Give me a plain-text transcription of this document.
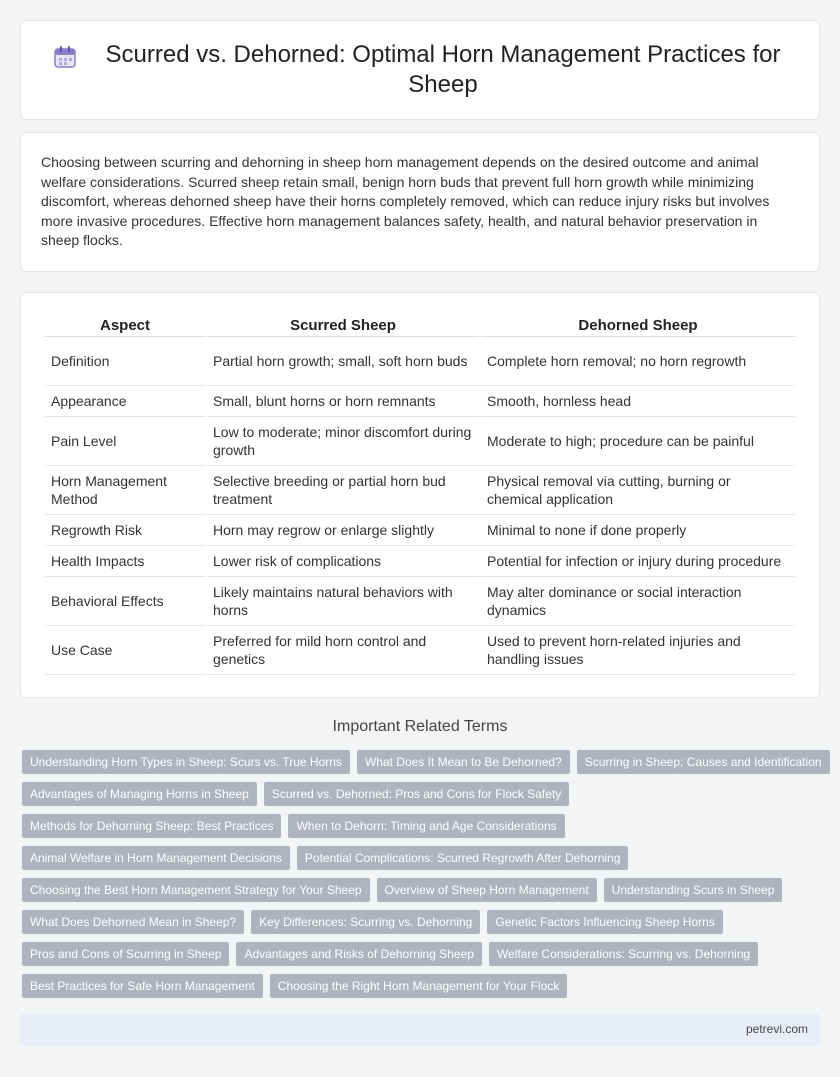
Scurred vs. Dehorned: Optimal Horn Management Practices for Sheep

Choosing between scurring and dehorning in sheep horn management depends on the desired outcome and animal welfare considerations. Scurred sheep retain small, benign horn buds that prevent full horn growth while minimizing discomfort, whereas dehorned sheep have their horns completely removed, which can reduce injury risks but involves more invasive procedures. Effective horn management balances safety, health, and natural behavior preservation in sheep flocks.

Aspect	Scurred Sheep	Dehorned Sheep
Definition	Partial horn growth; small, soft horn buds	Complete horn removal; no horn regrowth
Appearance	Small, blunt horns or horn remnants	Smooth, hornless head
Pain Level	Low to moderate; minor discomfort during growth	Moderate to high; procedure can be painful
Horn Management Method	Selective breeding or partial horn bud treatment	Physical removal via cutting, burning or chemical application
Regrowth Risk	Horn may regrow or enlarge slightly	Minimal to none if done properly
Health Impacts	Lower risk of complications	Potential for infection or injury during procedure
Behavioral Effects	Likely maintains natural behaviors with horns	May alter dominance or social interaction dynamics
Use Case	Preferred for mild horn control and genetics	Used to prevent horn-related injuries and handling issues
Important Related Terms
Understanding Horn Types in Sheep: Scurs vs. True Horns	What Does It Mean to Be Dehorned?	Scurring in Sheep: Causes and Identification
Advantages of Managing Horns in Sheep	Scurred vs. Dehorned: Pros and Cons for Flock Safety
Methods for Dehorning Sheep: Best Practices	When to Dehorn: Timing and Age Considerations
Animal Welfare in Horn Management Decisions	Potential Complications: Scurred Regrowth After Dehorning
Choosing the Best Horn Management Strategy for Your Sheep	Overview of Sheep Horn Management	Understanding Scurs in Sheep
What Does Dehorned Mean in Sheep?	Key Differences: Scurring vs. Dehorning	Genetic Factors Influencing Sheep Horns
Pros and Cons of Scurring in Sheep	Advantages and Risks of Dehorning Sheep	Welfare Considerations: Scurring vs. Dehorning
Best Practices for Safe Horn Management	Choosing the Right Horn Management for Your Flock
petrevi.com
